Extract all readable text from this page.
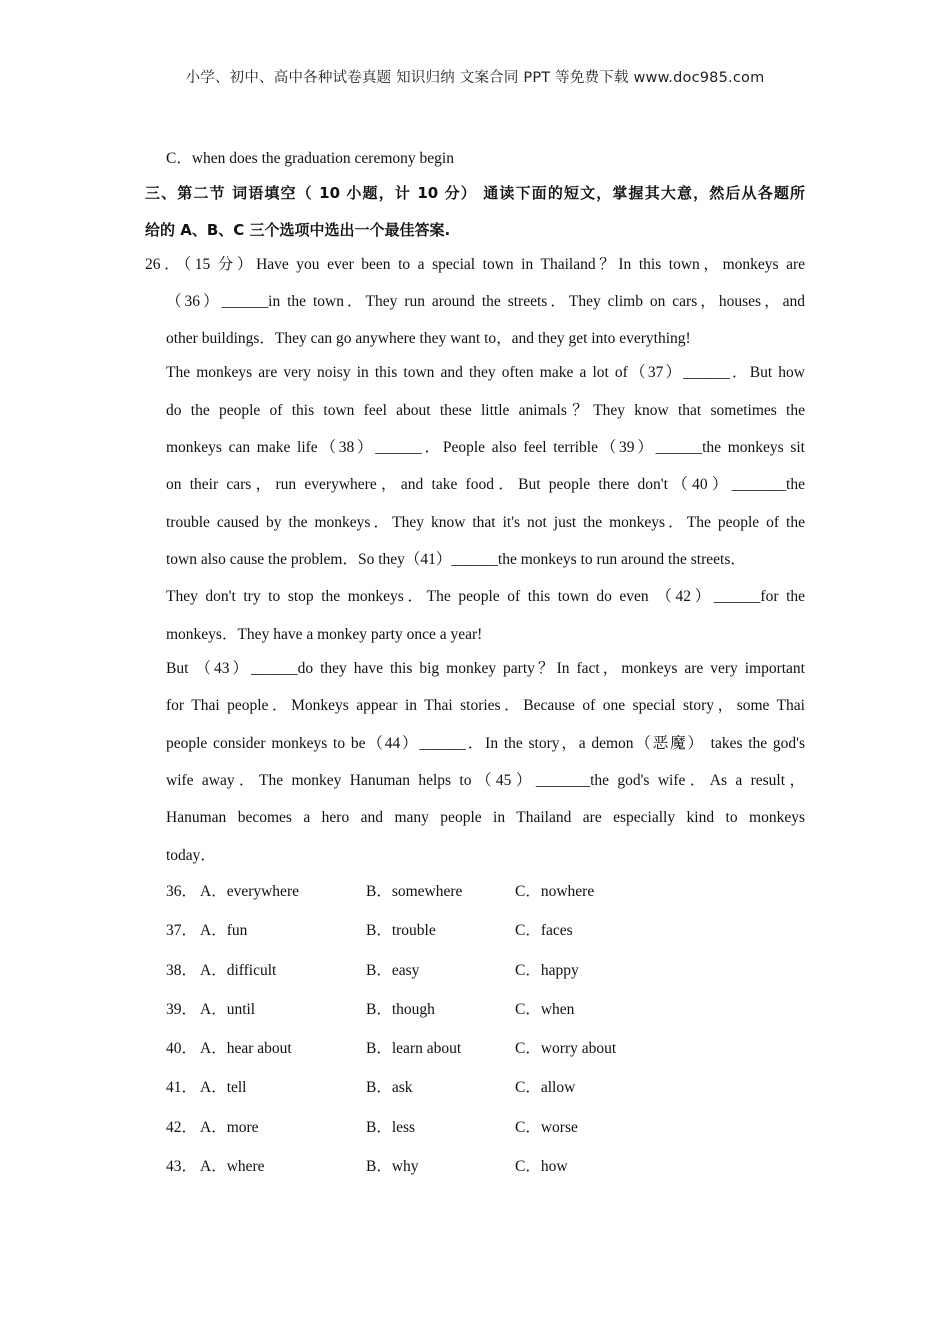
小学、初中、高中各种试卷真题 知识归纳 文案合同 PPT 等免费下载 www.doc985.com
C．when does the graduation ceremony begin
三、第二节 词语填空（ 10 小题，计 10 分） 通读下面的短文，掌握其大意，然后从各题所
给的 A、B、C 三个选项中选出一个最佳答案.
26．（15 分）Have you ever been to a special town in Thailand？In this town，monkeys are
（36）______in the town．They run around the streets．They climb on cars，houses，and
other buildings．They can go anywhere they want to，and they get into everything!
The monkeys are very noisy in this town and they often make a lot of（37）______．But how
do the people of this town feel about these little animals？They know that sometimes the
monkeys can make life（38）______．People also feel terrible（39）______the monkeys sit
on their cars，run everywhere，and take food．But people there don't（40）_______the
trouble caused by the monkeys．They know that it's not just the monkeys．The people of the
town also cause the problem．So they（41）______the monkeys to run around the streets．
They don't try to stop the monkeys．The people of this town do even （42）______for the
monkeys．They have a monkey party once a year!
But （43）______do they have this big monkey party？In fact，monkeys are very important
for Thai people．Monkeys appear in Thai stories．Because of one special story，some Thai
people consider monkeys to be（44）______．In the story，a demon（恶魔） takes the god's
wife away．The monkey Hanuman helps to（45）_______the god's wife．As a result，
Hanuman becomes a hero and many people in Thailand are especially kind to monkeys
today．
36． A．everywhere	B．somewhere	C．nowhere
37． A．fun	B．trouble	C．faces
38． A．difficult	B．easy	C．happy
39． A．until	B．though	C．when
40． A．hear about	B．learn about	C．worry about
41． A．tell	B．ask	C．allow
42． A．more	B．less	C．worse
43． A．where	B．why	C．how
